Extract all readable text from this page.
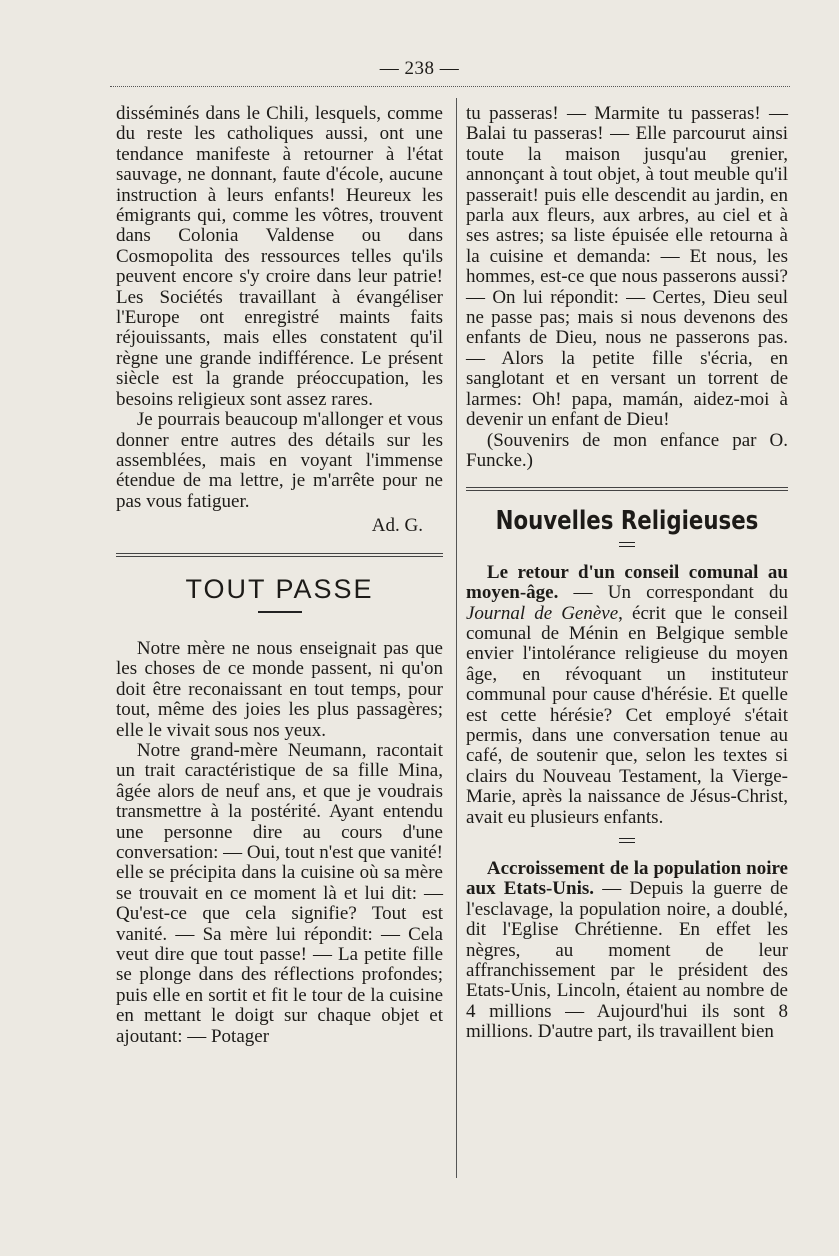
— 238 —

disséminés dans le Chili, lesquels, comme du reste les catholiques aussi, ont une tendance manifeste à retourner à l'état sauvage, ne donnant, faute d'école, aucune instruction à leurs enfants! Heureux les émigrants qui, comme les vôtres, trouvent dans Colonia Valdense ou dans Cosmopolita des ressources telles qu'ils peuvent encore s'y croire dans leur patrie! Les Sociétés travaillant à évangéliser l'Europe ont enregistré maints faits réjouissants, mais elles constatent qu'il règne une grande indifférence. Le présent siècle est la grande préoccupation, les besoins religieux sont assez rares.

Je pourrais beaucoup m'allonger et vous donner entre autres des détails sur les assemblées, mais en voyant l'immense étendue de ma lettre, je m'arrête pour ne pas vous fatiguer.

Ad. G.
TOUT PASSE

Notre mère ne nous enseignait pas que les choses de ce monde passent, ni qu'on doit être reconaissant en tout temps, pour tout, même des joies les plus passagères; elle le vivait sous nos yeux.

Notre grand-mère Neumann, racontait un trait caractéristique de sa fille Mina, âgée alors de neuf ans, et que je voudrais transmettre à la postérité. Ayant entendu une personne dire au cours d'une conversation: — Oui, tout n'est que vanité! elle se précipita dans la cuisine où sa mère se trouvait en ce moment là et lui dit: — Qu'est-ce que cela signifie? Tout est vanité. — Sa mère lui répondit: — Cela veut dire que tout passe! — La petite fille se plonge dans des réflections profondes; puis elle en sortit et fit le tour de la cuisine en mettant le doigt sur chaque objet et ajoutant: — Potager

tu passeras! — Marmite tu passeras! — Balai tu passeras! — Elle parcourut ainsi toute la maison jusqu'au grenier, annonçant à tout objet, à tout meuble qu'il passerait! puis elle descendit au jardin, en parla aux fleurs, aux arbres, au ciel et à ses astres; sa liste épuisée elle retourna à la cuisine et demanda: — Et nous, les hommes, est-ce que nous passerons aussi? — On lui répondit: — Certes, Dieu seul ne passe pas; mais si nous devenons des enfants de Dieu, nous ne passerons pas. — Alors la petite fille s'écria, en sanglotant et en versant un torrent de larmes: Oh! papa, mamán, aidez-moi à devenir un enfant de Dieu!

(Souvenirs de mon enfance par O. Funcke.)

Nouvelles Religieuses

Le retour d'un conseil comunal au moyen-âge. — Un correspondant du Journal de Genève, écrit que le conseil comunal de Ménin en Belgique semble envier l'intolérance religieuse du moyen âge, en révoquant un instituteur communal pour cause d'hérésie. Et quelle est cette hérésie? Cet employé s'était permis, dans une conversation tenue au café, de soutenir que, selon les textes si clairs du Nouveau Testament, la Vierge-Marie, après la naissance de Jésus-Christ, avait eu plusieurs enfants.

Accroissement de la population noire aux Etats-Unis. — Depuis la guerre de l'esclavage, la population noire, a doublé, dit l'Eglise Chrétienne. En effet les nègres, au moment de leur affranchissement par le président des Etats-Unis, Lincoln, étaient au nombre de 4 millions — Aujourd'hui ils sont 8 millions. D'autre part, ils travaillent bien
